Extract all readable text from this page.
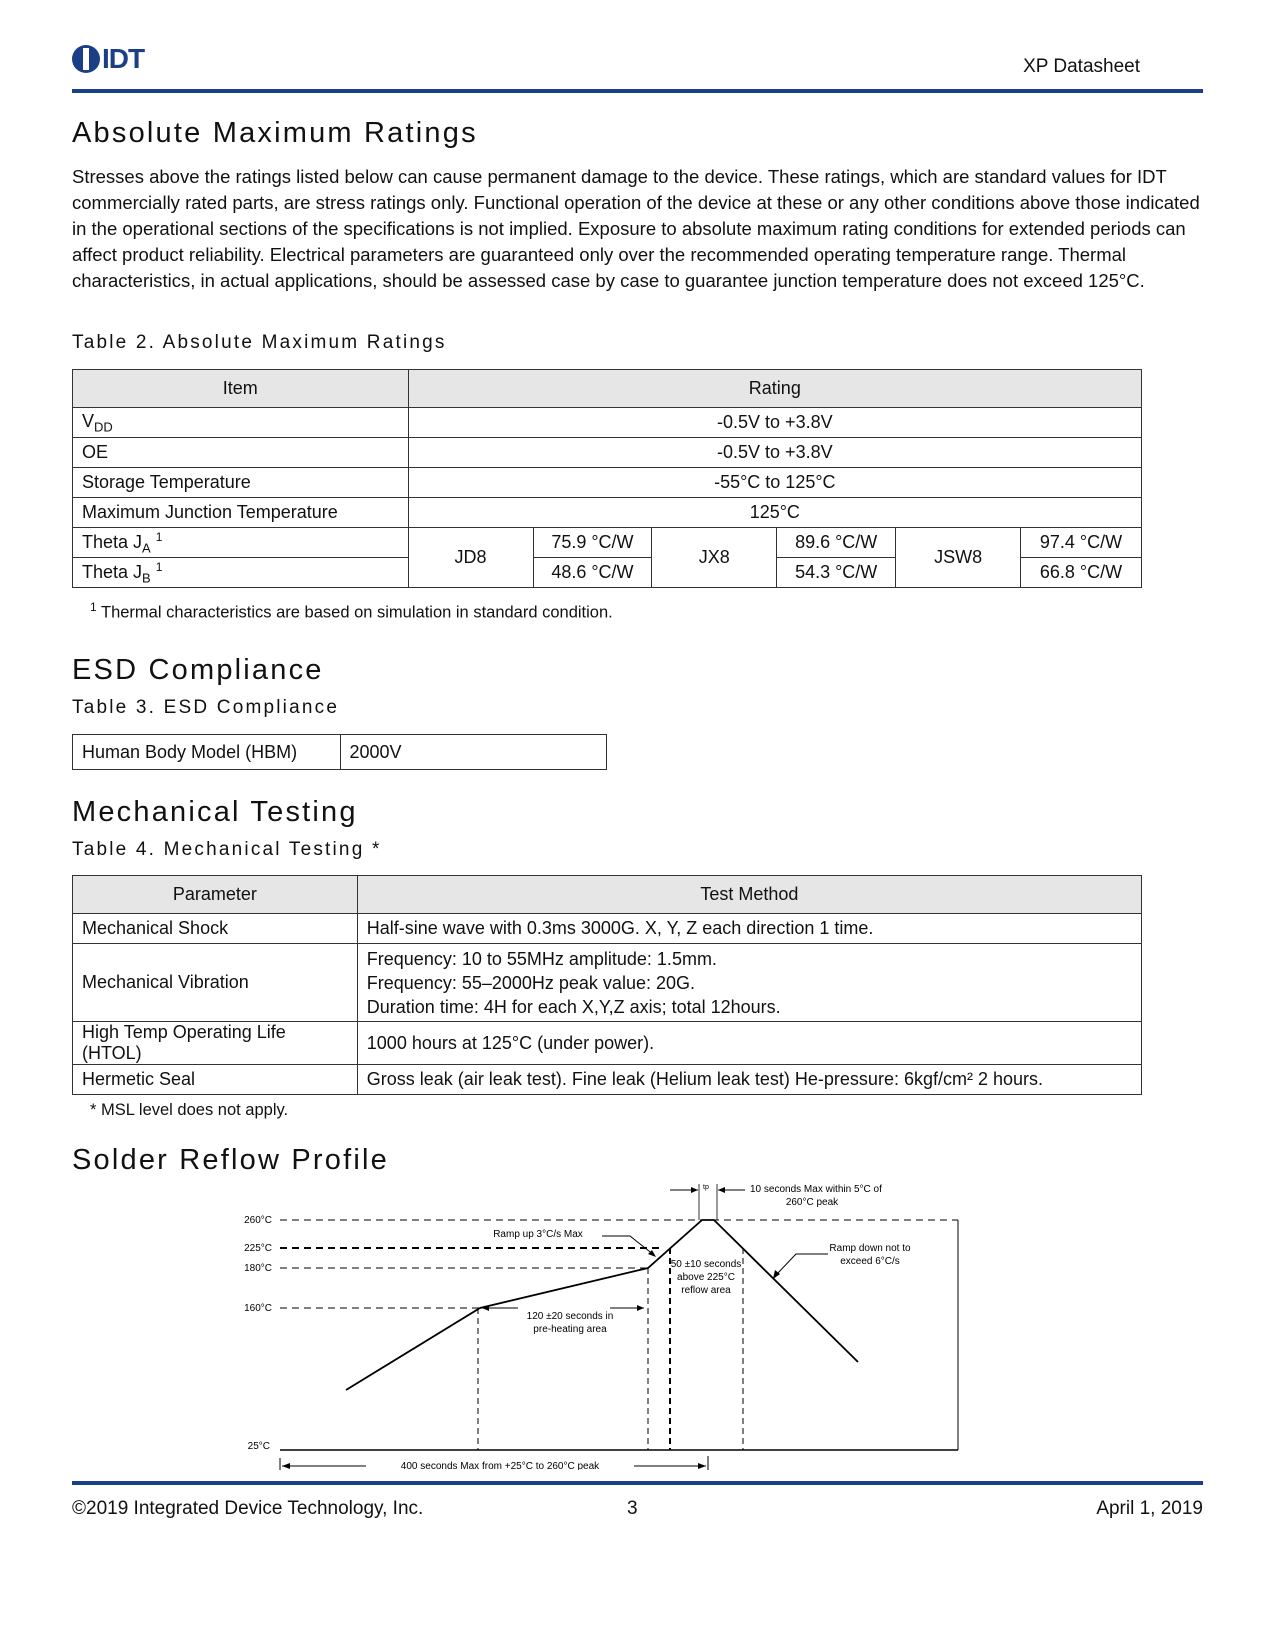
IDT	XP Datasheet
Absolute Maximum Ratings

Stresses above the ratings listed below can cause permanent damage to the device. These ratings, which are standard values for IDT commercially rated parts, are stress ratings only. Functional operation of the device at these or any other conditions above those indicated in the operational sections of the specifications is not implied. Exposure to absolute maximum rating conditions for extended periods can affect product reliability. Electrical parameters are guaranteed only over the recommended operating temperature range. Thermal characteristics, in actual applications, should be assessed case by case to guarantee junction temperature does not exceed 125°C.

Table 2. Absolute Maximum Ratings
Item	Rating					
$V_{DD}$	-0.5V to +3.8V					
OE	-0.5V to +3.8V					
Storage Temperature	-55°C to 125°C					
Maximum Junction Temperature	125°C					
Theta $J_A$ $^1$	JD8	75.9 °C/W	JX8	89.6 °C/W	JSW8	97.4 °C/W
Theta $J_B$ $^1$		48.6 °C/W		54.3 °C/W		66.8 °C/W
$^1$ Thermal characteristics are based on simulation in standard condition.
ESD Compliance
Table 3. ESD Compliance
Human Body Model (HBM)	2000V
Mechanical Testing
Table 4. Mechanical Testing *
Parameter	Test Method
Mechanical Shock	Half-sine wave with 0.3ms 3000G. X, Y, Z each direction 1 time.
Mechanical Vibration	Frequency: 10 to 55MHz amplitude: 1.5mm.
Frequency: 55–2000Hz peak value: 20G.
Duration time: 4H for each X,Y,Z axis; total 12hours.

High Temp Operating Life (HTOL)	1000 hours at 125°C (under power).
Hermetic Seal	Gross leak (air leak test). Fine leak (Helium leak test) He-pressure: 6kgf/cm² 2 hours.
* MSL level does not apply.
Solder Reflow Profile
260°C
225°C
180°C
160°C
25°C
tp	10 seconds Max within 5°C of
260°C peak
Ramp up 3°C/s Max
Ramp down not to
exceed 6°C/s
50 ±10 seconds
above 225°C
reflow area
120 ±20 seconds in
pre-heating area
400 seconds Max from +25°C to 260°C peak
©2019 Integrated Device Technology, Inc.	3	April 1, 2019
